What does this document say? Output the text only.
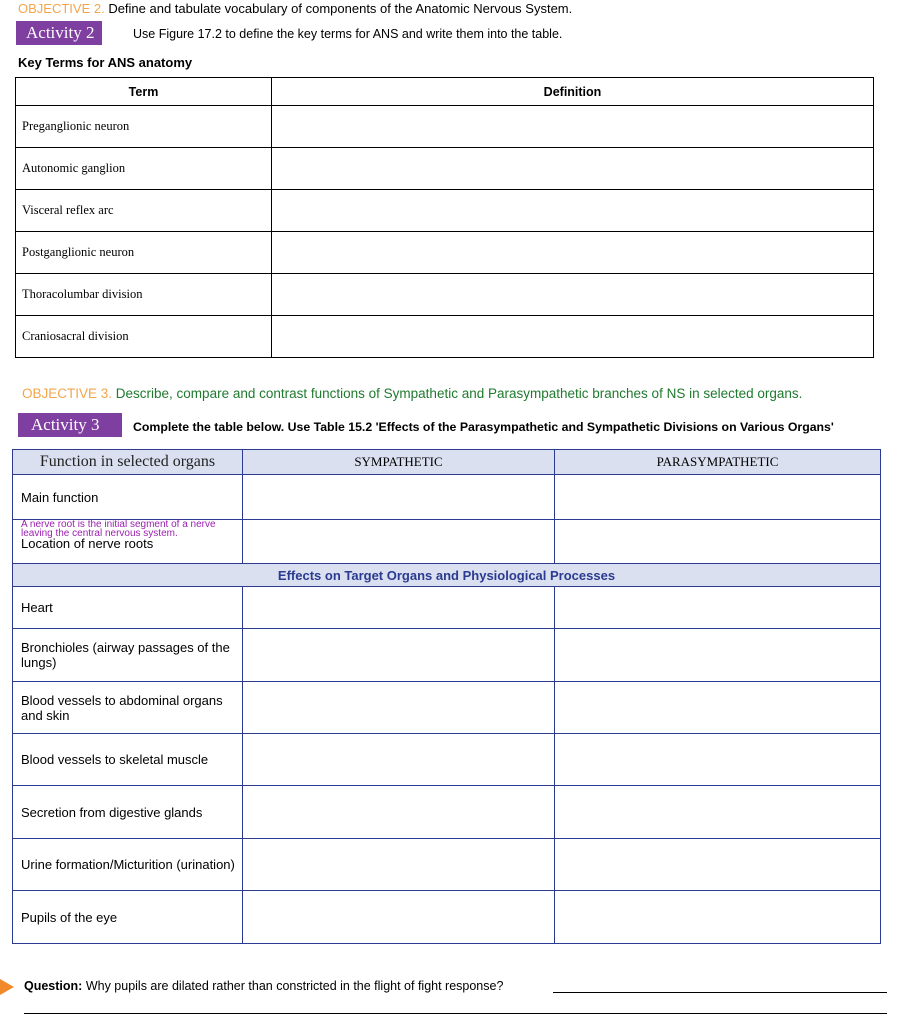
OBJECTIVE 2. Define and tabulate vocabulary of components of the Anatomic Nervous System.
Activity 2	Use Figure 17.2 to define the key terms for ANS and write them into the table.
Key Terms for ANS anatomy
Term	Definition
Preganglionic neuron	
Autonomic ganglion	
Visceral reflex arc	
Postganglionic neuron	
Thoracolumbar division	
Craniosacral division	
OBJECTIVE 3. Describe, compare and contrast functions of Sympathetic and Parasympathetic branches of NS in selected organs.
Activity 3	Complete the table below. Use Table 15.2 'Effects of the Parasympathetic and Sympathetic Divisions on Various Organs'
Function in selected organs	SYMPATHETIC	PARASYMPATHETIC
Main function		

A nerve root is the initial segment of a nerve leaving the central nervous system.
Location of nerve roots		

Effects on Target Organs and Physiological Processes		
Heart		
Bronchioles (airway passages of the lungs)		
Blood vessels to abdominal organs and skin		
Blood vessels to skeletal muscle		
Secretion from digestive glands		
Urine formation/Micturition (urination)		
Pupils of the eye		
Question: Why pupils are dilated rather than constricted in the flight of fight response?
